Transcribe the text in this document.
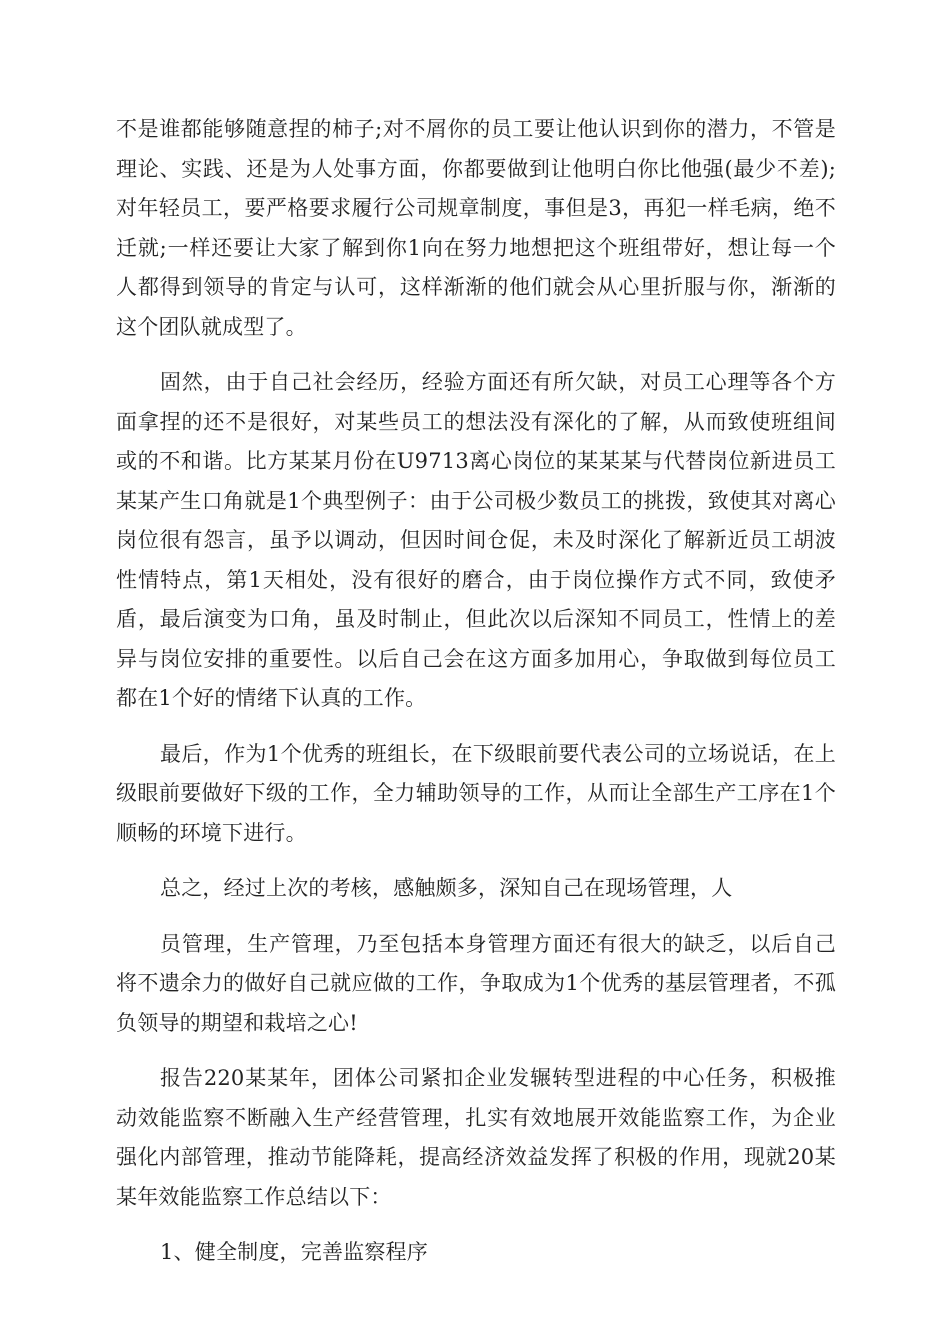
不是谁都能够随意捏的柿子;对不屑你的员工要让他认识到你的潜力，不管是理论、实践、还是为人处事方面，你都要做到让他明白你比他强(最少不差);对年轻员工，要严格要求履行公司规章制度，事但是3，再犯一样毛病，绝不迁就;一样还要让大家了解到你1向在努力地想把这个班组带好，想让每一个人都得到领导的肯定与认可，这样渐渐的他们就会从心里折服与你，渐渐的这个团队就成型了。

固然，由于自己社会经历，经验方面还有所欠缺，对员工心理等各个方面拿捏的还不是很好，对某些员工的想法没有深化的了解，从而致使班组间或的不和谐。比方某某月份在U9713离心岗位的某某某与代替岗位新进员工某某产生口角就是1个典型例子：由于公司极少数员工的挑拨，致使其对离心岗位很有怨言，虽予以调动，但因时间仓促，未及时深化了解新近员工胡波性情特点，第1天相处，没有很好的磨合，由于岗位操作方式不同，致使矛盾，最后演变为口角，虽及时制止，但此次以后深知不同员工，性情上的差异与岗位安排的重要性。以后自己会在这方面多加用心，争取做到每位员工都在1个好的情绪下认真的工作。

最后，作为1个优秀的班组长，在下级眼前要代表公司的立场说话，在上级眼前要做好下级的工作，全力辅助领导的工作，从而让全部生产工序在1个顺畅的环境下进行。

总之，经过上次的考核，感触颇多，深知自己在现场管理，人

员管理，生产管理，乃至包括本身管理方面还有很大的缺乏，以后自己将不遗余力的做好自己就应做的工作，争取成为1个优秀的基层管理者，不孤负领导的期望和栽培之心!

报告220某某年，团体公司紧扣企业发辗转型进程的中心任务，积极推动效能监察不断融入生产经营管理，扎实有效地展开效能监察工作，为企业强化内部管理，推动节能降耗，提高经济效益发挥了积极的作用，现就20某某年效能监察工作总结以下：

1、健全制度，完善监察程序
